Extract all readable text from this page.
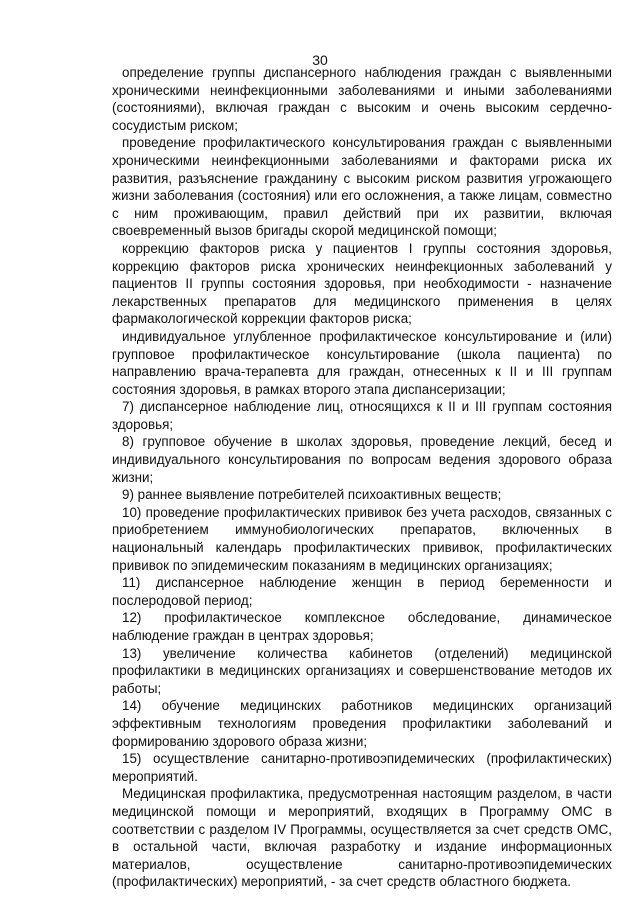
30

определение группы диспансерного наблюдения граждан с выявленными хроническими неинфекционными заболеваниями и иными заболеваниями (состояниями), включая граждан с высоким и очень высоким сердечно-сосудистым риском;

проведение профилактического консультирования граждан с выявленными хроническими неинфекционными заболеваниями и факторами риска их развития, разъяснение гражданину с высоким риском развития угрожающего жизни заболевания (состояния) или его осложнения, а также лицам, совместно с ним проживающим, правил действий при их развитии, включая своевременный вызов бригады скорой медицинской помощи;

коррекцию факторов риска у пациентов I группы состояния здоровья, коррекцию факторов риска хронических неинфекционных заболеваний у пациентов II группы состояния здоровья, при необходимости - назначение лекарственных препаратов для медицинского применения в целях фармакологической коррекции факторов риска;

индивидуальное углубленное профилактическое консультирование и (или) групповое профилактическое консультирование (школа пациента) по направлению врача-терапевта для граждан, отнесенных к II и III группам состояния здоровья, в рамках второго этапа диспансеризации;

7) диспансерное наблюдение лиц, относящихся к II и III группам состояния здоровья;

8) групповое обучение в школах здоровья, проведение лекций, бесед и индивидуального консультирования по вопросам ведения здорового образа жизни;

9) раннее выявление потребителей психоактивных веществ;

10) проведение профилактических прививок без учета расходов, связанных с приобретением иммунобиологических препаратов, включенных в национальный календарь профилактических прививок, профилактических прививок по эпидемическим показаниям в медицинских организациях;

11) диспансерное наблюдение женщин в период беременности и послеродовой период;

12) профилактическое комплексное обследование, динамическое наблюдение граждан в центрах здоровья;

13) увеличение количества кабинетов (отделений) медицинской профилактики в медицинских организациях и совершенствование методов их работы;

14) обучение медицинских работников медицинских организаций эффективным технологиям проведения профилактики заболеваний и формированию здорового образа жизни;

15) осуществление санитарно-противоэпидемических (профилактических) мероприятий.

Медицинская профилактика, предусмотренная настоящим разделом, в части медицинской помощи и мероприятий, входящих в Программу ОМС в соответствии с разделом IV Программы, осуществляется за счет средств ОМС, в остальной части, включая разработку и издание информационных материалов, осуществление санитарно-противоэпидемических (профилактических) мероприятий, - за счет средств областного бюджета.
